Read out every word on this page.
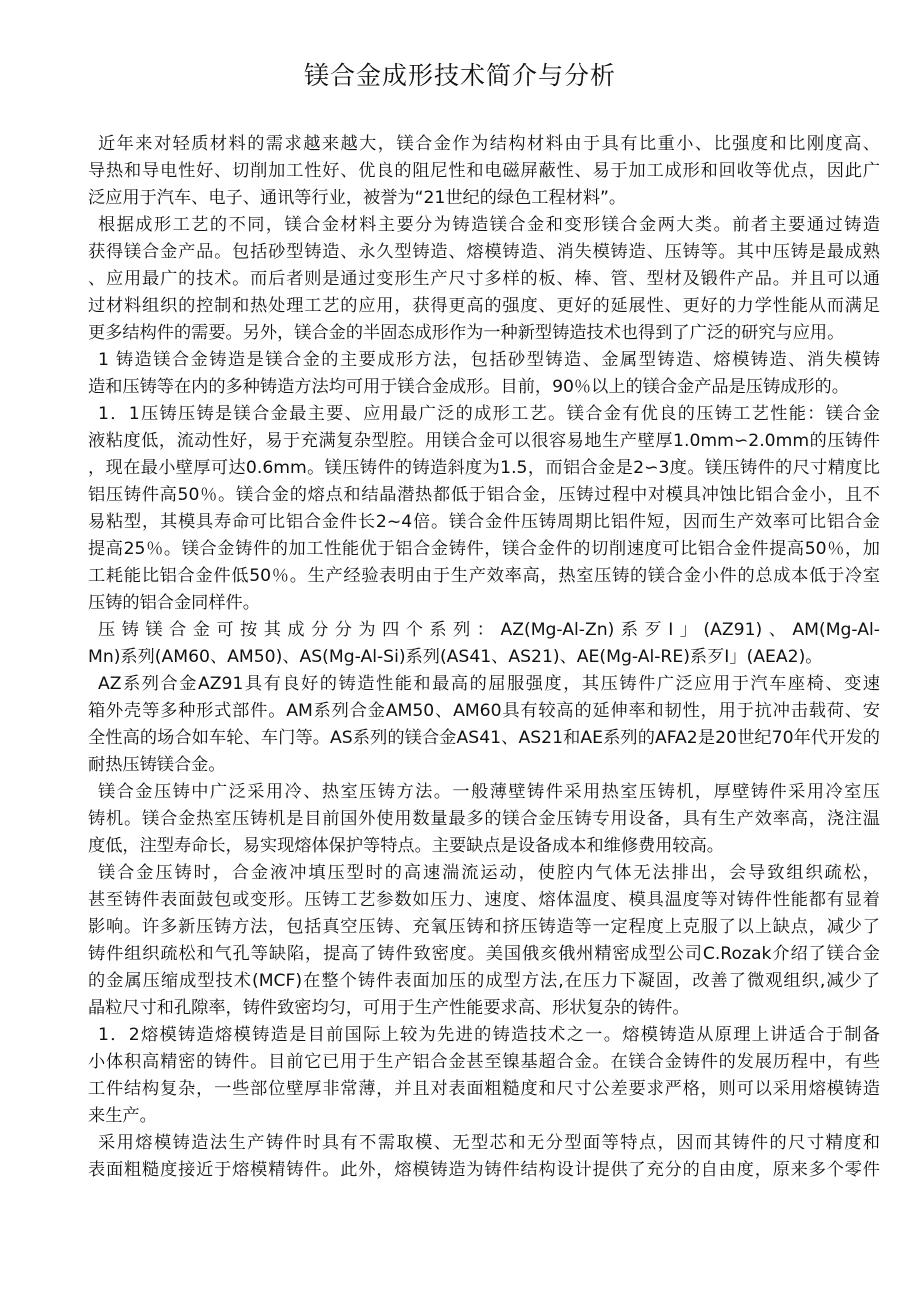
镁合金成形技术简介与分析
近年来对轻质材料的需求越来越大，镁合金作为结构材料由于具有比重小、比强度和比刚度高、
导热和导电性好、切削加工性好、优良的阻尼性和电磁屏蔽性、易于加工成形和回收等优点，因此广
泛应用于汽车、电子、通讯等行业，被誉为“21世纪的绿色工程材料”。
根据成形工艺的不同，镁合金材料主要分为铸造镁合金和变形镁合金两大类。前者主要通过铸造
获得镁合金产品。包括砂型铸造、永久型铸造、熔模铸造、消失模铸造、压铸等。其中压铸是最成熟
、应用最广的技术。而后者则是通过变形生产尺寸多样的板、棒、管、型材及锻件产品。并且可以通
过材料组织的控制和热处理工艺的应用，获得更高的强度、更好的延展性、更好的力学性能从而满足
更多结构件的需要。另外，镁合金的半固态成形作为一种新型铸造技术也得到了广泛的研究与应用。
1 铸造镁合金铸造是镁合金的主要成形方法，包括砂型铸造、金属型铸造、熔模铸造、消失模铸
造和压铸等在内的多种铸造方法均可用于镁合金成形。目前，90％以上的镁合金产品是压铸成形的。
1．1压铸压铸是镁合金最主要、应用最广泛的成形工艺。镁合金有优良的压铸工艺性能：镁合金
液粘度低，流动性好，易于充满复杂型腔。用镁合金可以很容易地生产壁厚1.0mm∽2.0mm的压铸件
，现在最小壁厚可达0.6mm。镁压铸件的铸造斜度为1.5，而铝合金是2∽3度。镁压铸件的尺寸精度比
铝压铸件高50％。镁合金的熔点和结晶潜热都低于铝合金，压铸过程中对模具冲蚀比铝合金小，且不
易粘型，其模具寿命可比铝合金件长2~4倍。镁合金件压铸周期比铝件短，因而生产效率可比铝合金
提高25％。镁合金铸件的加工性能优于铝合金铸件，镁合金件的切削速度可比铝合金件提高50％，加
工耗能比铝合金件低50％。生产经验表明由于生产效率高，热室压铸的镁合金小件的总成本低于冷室
压铸的铝合金同样件。
压铸镁合金可按其成分分为四个系列：AZ(Mg-Al-Zn)系歹I」(AZ91)、AM(Mg-Al-
Mn)系列(AM60、AM50)、AS(Mg-Al-Si)系列(AS41、AS21)、AE(Mg-Al-RE)系歹I」(AEA2)。
AZ系列合金AZ91具有良好的铸造性能和最高的屈服强度，其压铸件广泛应用于汽车座椅、变速
箱外壳等多种形式部件。AM系列合金AM50、AM60具有较高的延伸率和韧性，用于抗冲击载荷、安
全性高的场合如车轮、车门等。AS系列的镁合金AS41、AS21和AE系列的AFA2是20世纪70年代开发的
耐热压铸镁合金。
镁合金压铸中广泛采用冷、热室压铸方法。一般薄壁铸件采用热室压铸机，厚壁铸件采用冷室压
铸机。镁合金热室压铸机是目前国外使用数量最多的镁合金压铸专用设备，具有生产效率高，浇注温
度低，注型寿命长，易实现熔体保护等特点。主要缺点是设备成本和维修费用较高。
镁合金压铸时，合金液冲填压型时的高速湍流运动，使腔内气体无法排出，会导致组织疏松，
甚至铸件表面鼓包或变形。压铸工艺参数如压力、速度、熔体温度、模具温度等对铸件性能都有显着
影响。许多新压铸方法，包括真空压铸、充氧压铸和挤压铸造等一定程度上克服了以上缺点，减少了
铸件组织疏松和气孔等缺陷，提高了铸件致密度。美国俄亥俄州精密成型公司C.Rozak介绍了镁合金
的金属压缩成型技术(MCF)在整个铸件表面加压的成型方法,在压力下凝固，改善了微观组织,减少了
晶粒尺寸和孔隙率，铸件致密均匀，可用于生产性能要求高、形状复杂的铸件。
1．2熔模铸造熔模铸造是目前国际上较为先进的铸造技术之一。熔模铸造从原理上讲适合于制备
小体积高精密的铸件。目前它已用于生产铝合金甚至镍基超合金。在镁合金铸件的发展历程中，有些
工件结构复杂，一些部位壁厚非常薄，并且对表面粗糙度和尺寸公差要求严格，则可以采用熔模铸造
来生产。
采用熔模铸造法生产铸件时具有不需取模、无型芯和无分型面等特点，因而其铸件的尺寸精度和
表面粗糙度接近于熔模精铸件。此外，熔模铸造为铸件结构设计提供了充分的自由度，原来多个零件
